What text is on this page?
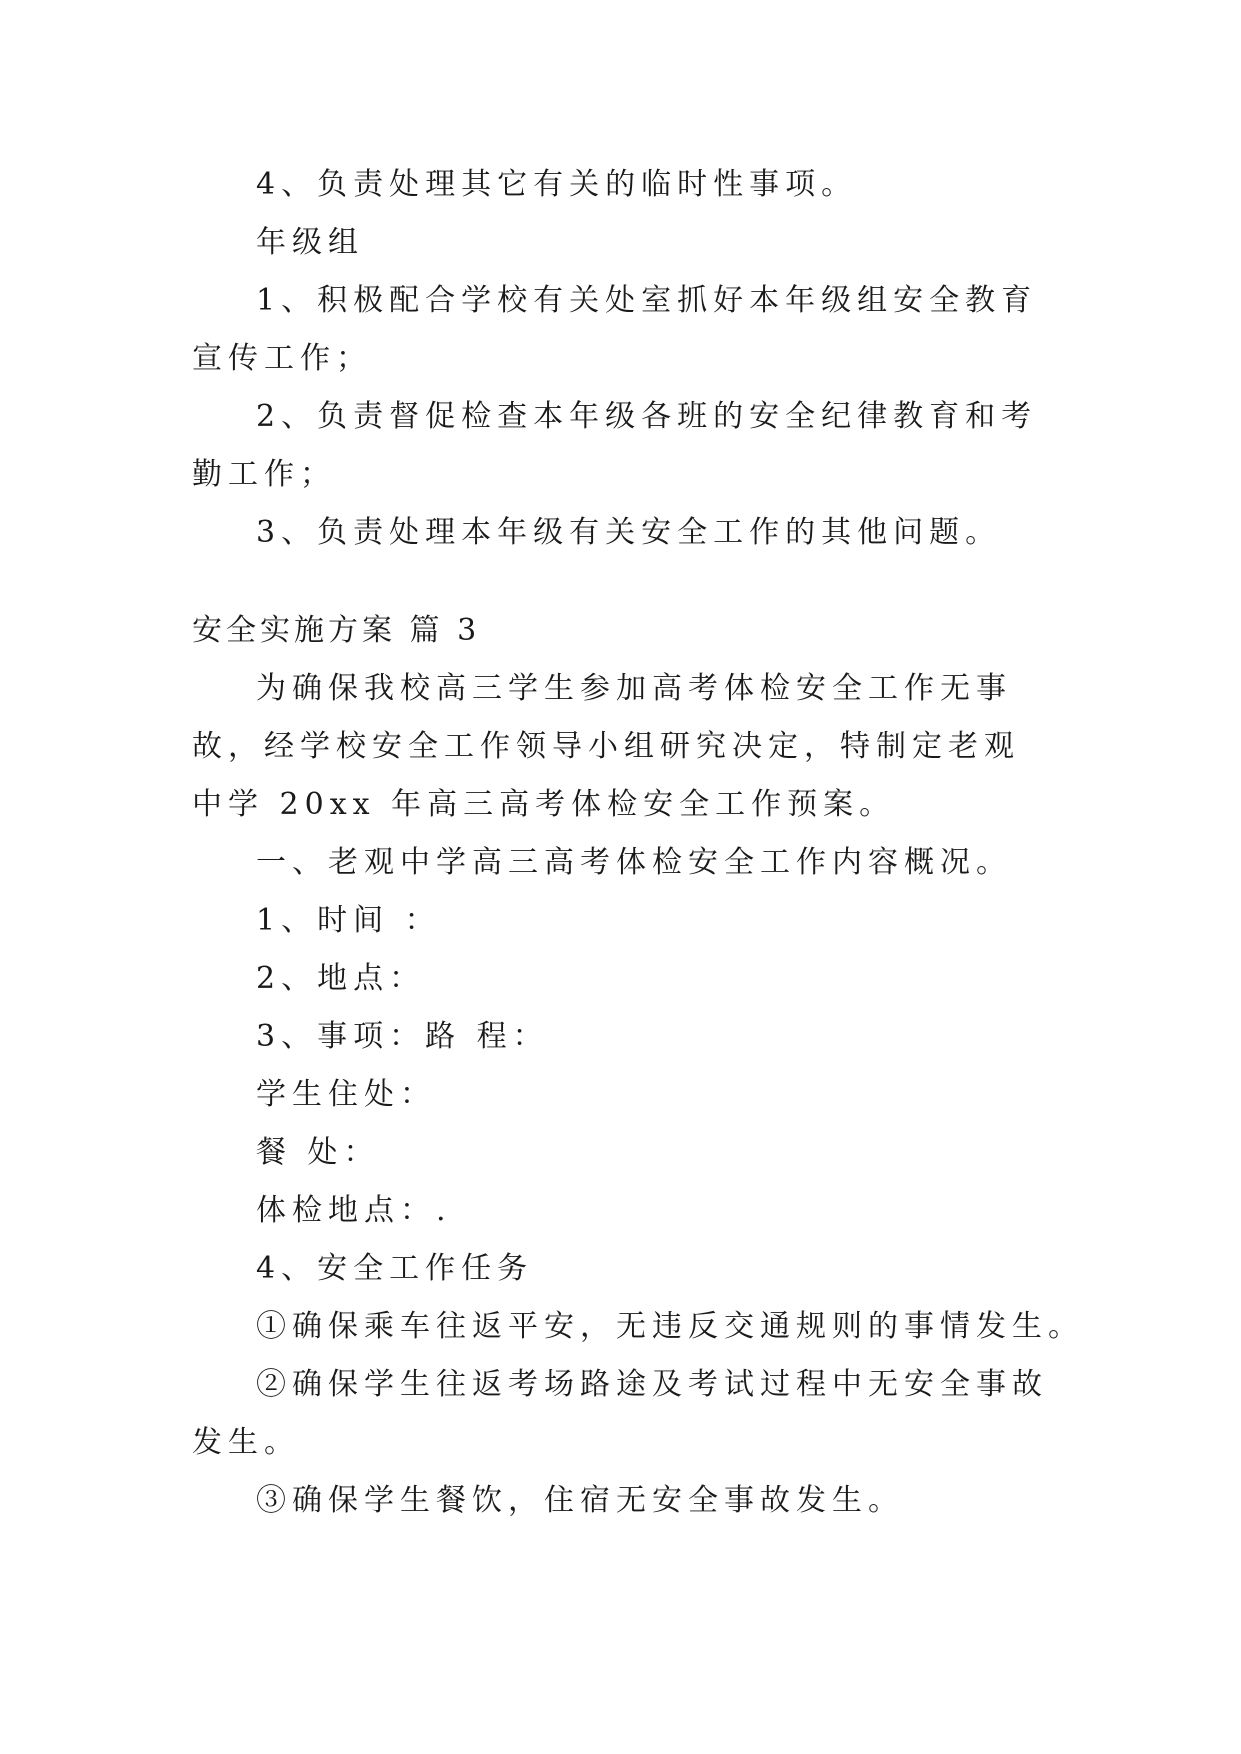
4、负责处理其它有关的临时性事项。

年级组

1、积极配合学校有关处室抓好本年级组安全教育宣传工作；

2、负责督促检查本年级各班的安全纪律教育和考勤工作；

3、负责处理本年级有关安全工作的其他问题。

安全实施方案 篇 3

为确保我校高三学生参加高考体检安全工作无事故，经学校安全工作领导小组研究决定，特制定老观中学 20xx 年高三高考体检安全工作预案。

一、老观中学高三高考体检安全工作内容概况。

1、时间 ：

2、地点：

3、事项：路 程：

学生住处：

餐 处：

体检地点：.

4、安全工作任务

①确保乘车往返平安，无违反交通规则的事情发生。

②确保学生往返考场路途及考试过程中无安全事故发生。

③确保学生餐饮，住宿无安全事故发生。
